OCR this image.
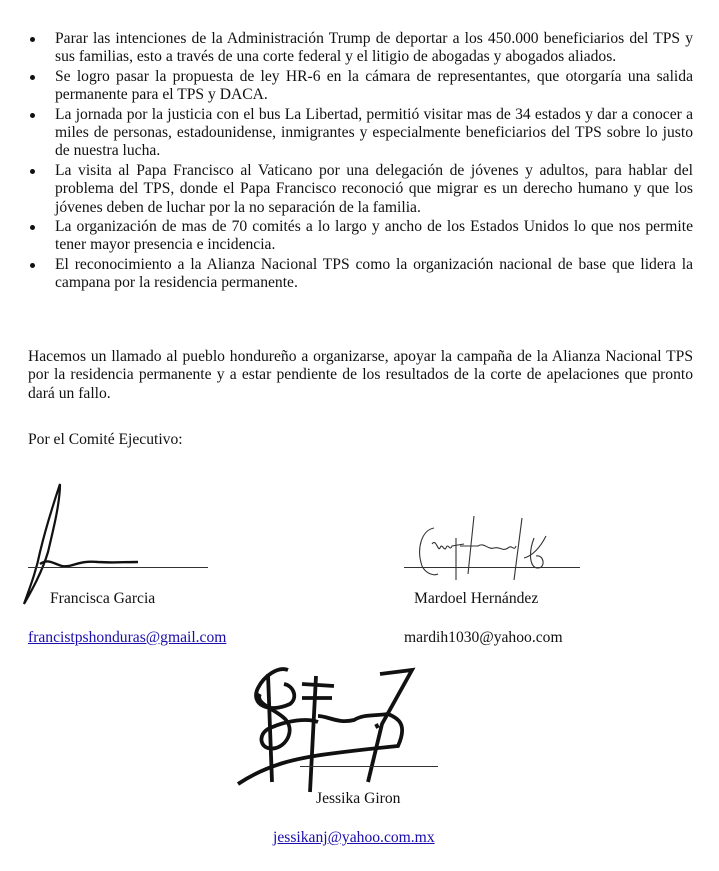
Parar las intenciones de la Administración Trump de deportar a los 450.000 beneficiarios del TPS y sus familias, esto a través de una corte federal y el litigio de abogadas y abogados aliados.
Se logro pasar la propuesta de ley HR-6 en la cámara de representantes, que otorgaría una salida permanente para el TPS y DACA.
La jornada por la justicia con el bus La Libertad, permitió visitar mas de 34 estados y dar a conocer a miles de personas, estadounidense, inmigrantes y especialmente beneficiarios del TPS sobre lo justo de nuestra lucha.
La visita al Papa Francisco al Vaticano por una delegación de jóvenes y adultos, para hablar del problema del TPS, donde el Papa Francisco reconoció que migrar es un derecho humano y que los jóvenes deben de luchar por la no separación de la familia.
La organización de mas de 70 comités a lo largo y ancho de los Estados Unidos lo que nos permite tener mayor presencia e incidencia.
El reconocimiento a la Alianza Nacional TPS como la organización nacional de base que lidera la campana por la residencia permanente.

Hacemos un llamado al pueblo hondureño a organizarse, apoyar la campaña de la Alianza Nacional TPS por la residencia permanente y a estar pendiente de los resultados de la corte de apelaciones que pronto dará un fallo.

Por el Comité Ejecutivo:

Francisca Garcia
francistpshonduras@gmail.com
Mardoel Hernández
mardih1030@yahoo.com
Jessika Giron
jessikanj@yahoo.com.mx
